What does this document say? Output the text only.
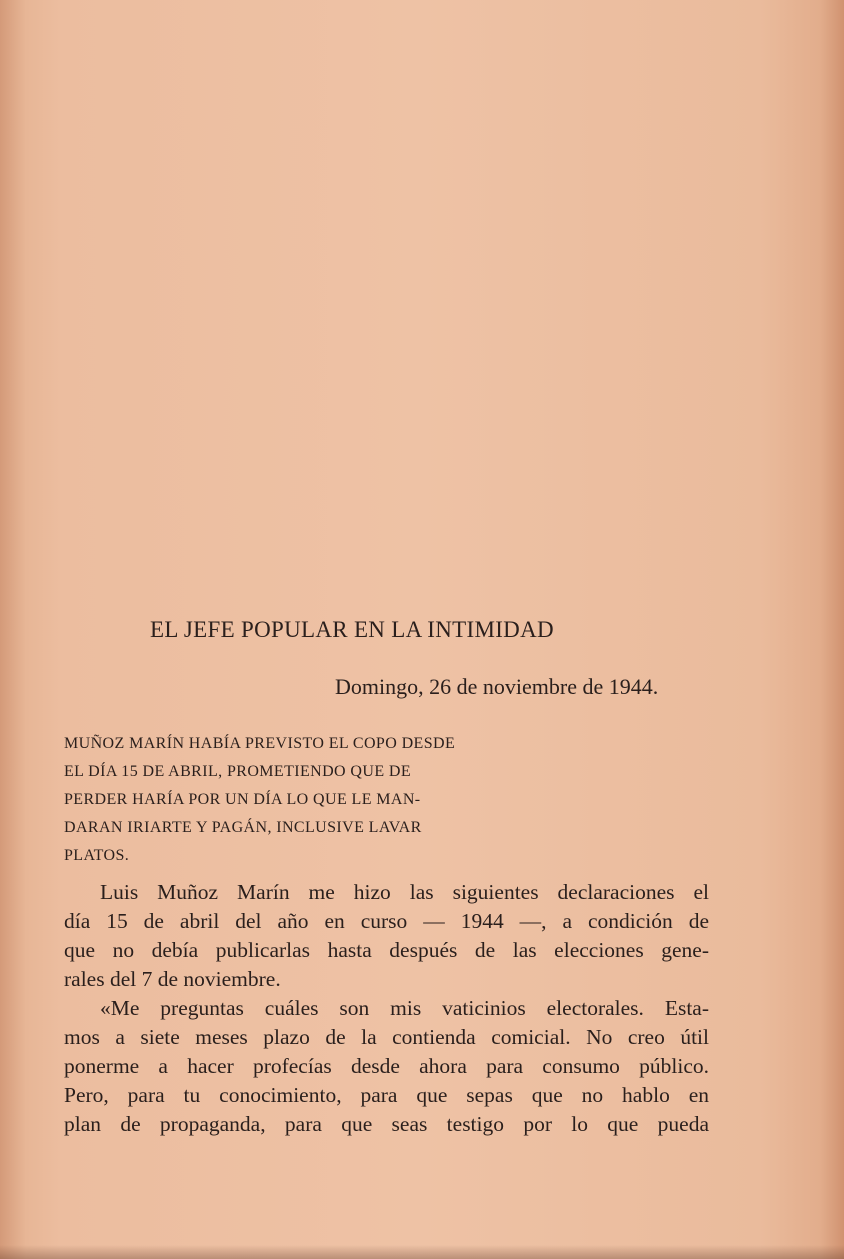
EL JEFE POPULAR EN LA INTIMIDAD
Domingo, 26 de noviembre de 1944.
MUÑOZ MARÍN HABÍA PREVISTO EL COPO DESDE
EL DÍA 15 DE ABRIL, PROMETIENDO QUE DE
PERDER HARÍA POR UN DÍA LO QUE LE MAN-
DARAN IRIARTE Y PAGÁN, INCLUSIVE LAVAR
PLATOS.
Luis Muñoz Marín me hizo las siguientes declaraciones el
día 15 de abril del año en curso — 1944 —, a condición de
que no debía publicarlas hasta después de las elecciones gene-
rales del 7 de noviembre.
«Me preguntas cuáles son mis vaticinios electorales. Esta-
mos a siete meses plazo de la contienda comicial. No creo útil
ponerme a hacer profecías desde ahora para consumo público.
Pero, para tu conocimiento, para que sepas que no hablo en
plan de propaganda, para que seas testigo por lo que pueda
